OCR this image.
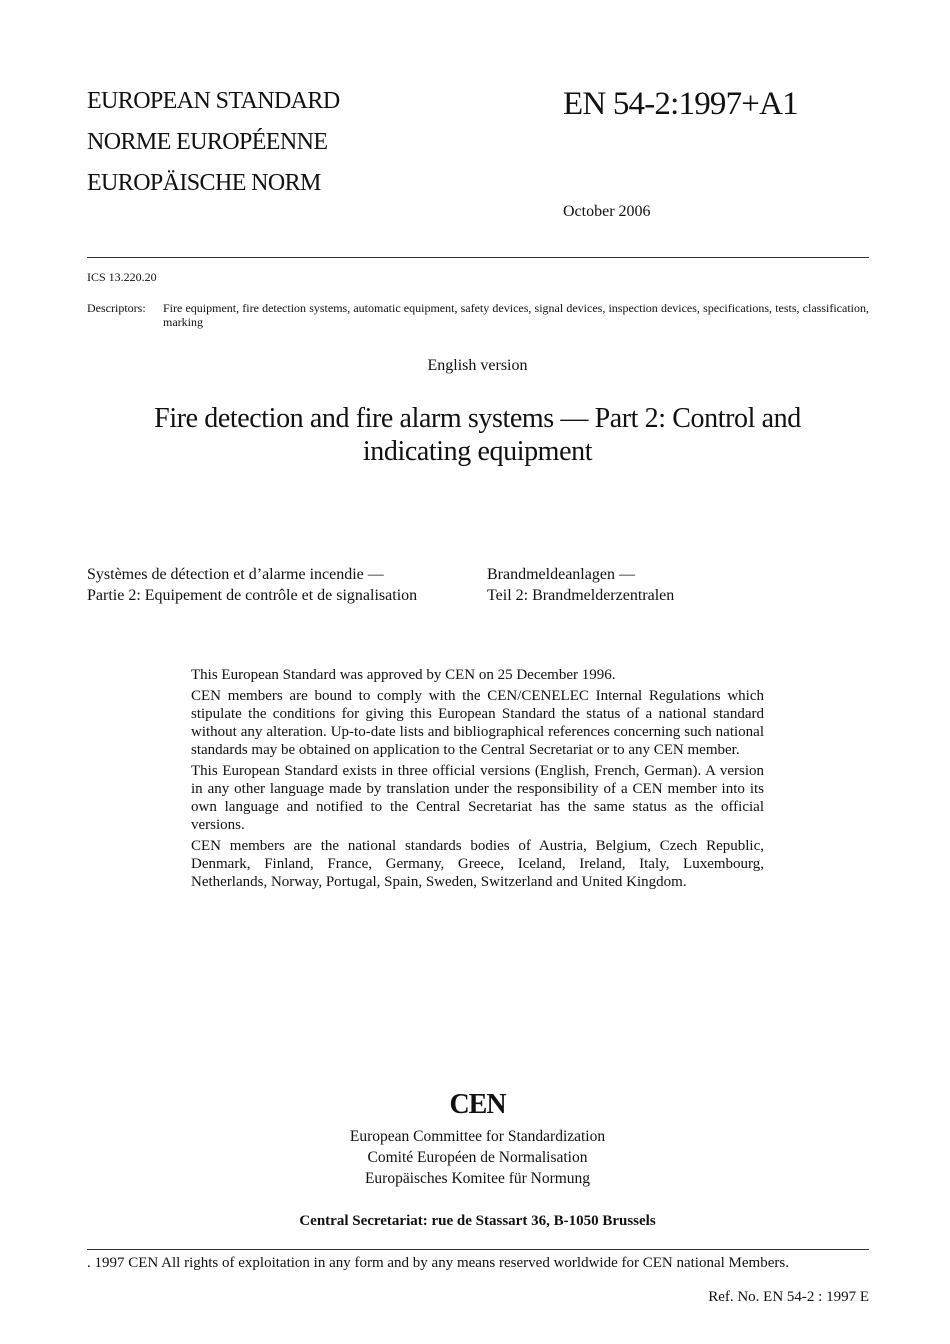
EUROPEAN STANDARD
NORME EUROPÉENNE
EUROPÄISCHE NORM
EN 54-2:1997+A1
October 2006
ICS 13.220.20
Descriptors:	Fire equipment, fire detection systems, automatic equipment, safety devices, signal devices, inspection devices, specifications, tests, classification, marking
English version
Fire detection and fire alarm systems — Part 2: Control and indicating equipment
Systèmes de détection et d’alarme incendie —
Partie 2: Equipement de contrôle et de signalisation
Brandmeldeanlagen —
Teil 2: Brandmelderzentralen

This European Standard was approved by CEN on 25 December 1996.

CEN members are bound to comply with the CEN/CENELEC Internal Regulations which stipulate the conditions for giving this European Standard the status of a national standard without any alteration. Up-to-date lists and bibliographical references concerning such national standards may be obtained on application to the Central Secretariat or to any CEN member.

This European Standard exists in three official versions (English, French, German). A version in any other language made by translation under the responsibility of a CEN member into its own language and notified to the Central Secretariat has the same status as the official versions.

CEN members are the national standards bodies of Austria, Belgium, Czech Republic, Denmark, Finland, France, Germany, Greece, Iceland, Ireland, Italy, Luxembourg, Netherlands, Norway, Portugal, Spain, Sweden, Switzerland and United Kingdom.

CEN
European Committee for Standardization
Comité Européen de Normalisation
Europäisches Komitee für Normung
Central Secretariat: rue de Stassart 36, B-1050 Brussels
. 1997 CEN All rights of exploitation in any form and by any means reserved worldwide for CEN national Members.
Ref. No. EN 54-2 : 1997 E
